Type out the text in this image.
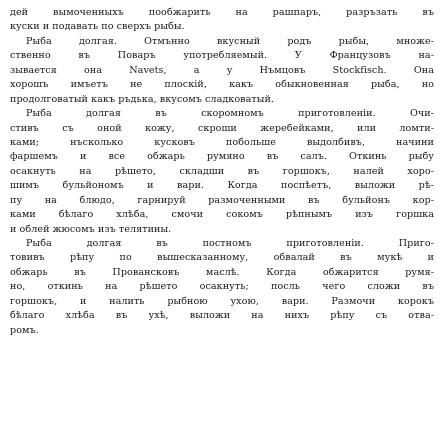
дей вымоченныхъ пообжарить на рашпаръ, разръзать въ
куски и подавать по сверхъ рыбы.
Рыба долгая. Отмънно вкусный родъ рыбы, множе-
ственно въ Поваръ употребляемый. У Французовъ на-
зывается она Navets, а у Нъмцовъ Stockfisch. Она
хорошъ имъетъ не плоскій, какъ обыкновенная рыба, но
продолговатый какъ ръдька, вкусомъ сладковатый.
Рыба долгая въ скоромномъ приготовленіи. Очи-
стивъ съ оной кожу, скроши жеребейками, или ломти-
ками; нъсколько кусковъ побольше выдолбивъ, начини
фаршемъ и все обжарь румяно въ салъ. Откинь рыбу
осакнуть на рѣшето, складши въ горшокъ, налей хоро-
шимъ бульйономъ и вари. Когда поспѣетъ, выложи рѣ-
пу на блюдо, гарнируй размоченными въ бульйонъ кор-
ками бѣлаго хлѣба, смочи сокомъ рѣпнымъ изъ горшка
и облей жюсомъ изъ телятины.
Рыба долгая въ постномъ приготовленіи. Приго-
товивъ рѣпу по вышесказанному, обвалай въ мукѣ и
обжарь въ Провансковъ маслѣ. Когда обжарится румя-
но, откинь на рѣшето осакнуть; посль чего сложи въ
горшокъ, и налить рыбною ухою, вари. Размочи корокъ
бѣлаго хлѣба въ ухѣ, выложи на нихъ рѣпу съ отва-
ромъ.
